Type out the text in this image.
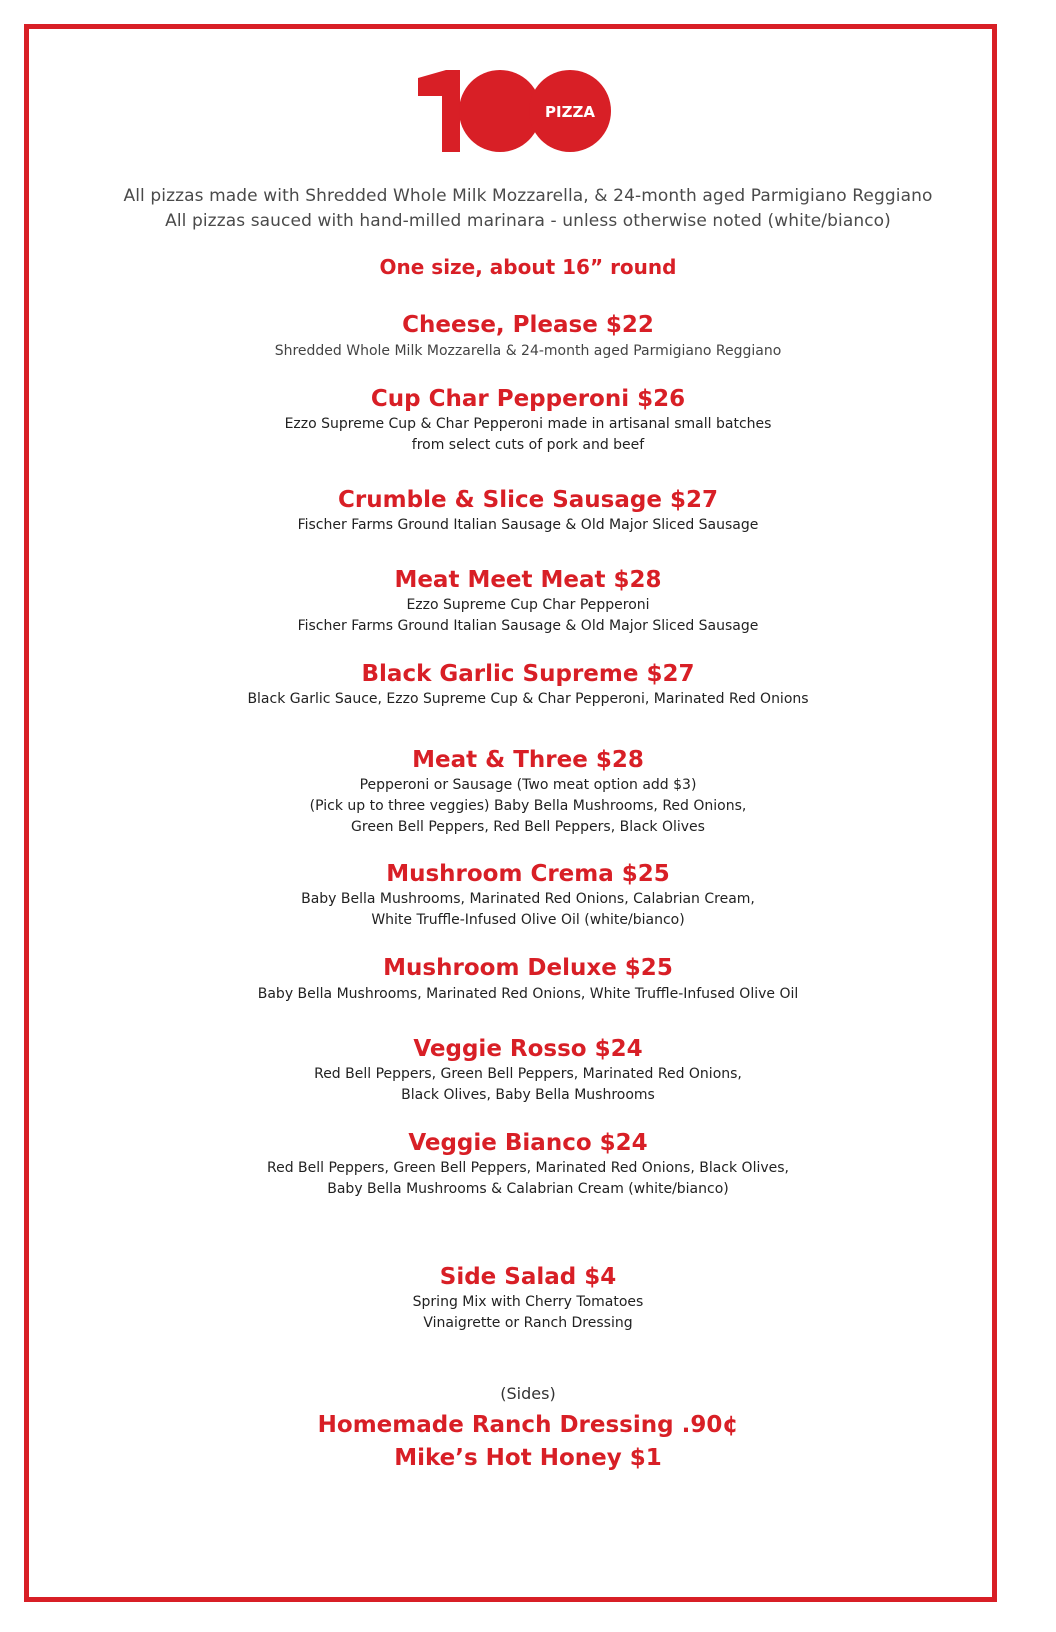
PIZZA
All pizzas made with Shredded Whole Milk Mozzarella, & 24-month aged Parmigiano Reggiano
All pizzas sauced with hand-milled marinara - unless otherwise noted (white/bianco)
One size, about 16” round
Cheese, Please $22
Shredded Whole Milk Mozzarella & 24-month aged Parmigiano Reggiano
Cup Char Pepperoni $26
Ezzo Supreme Cup & Char Pepperoni made in artisanal small batches
from select cuts of pork and beef
Crumble & Slice Sausage $27
Fischer Farms Ground Italian Sausage & Old Major Sliced Sausage
Meat Meet Meat $28
Ezzo Supreme Cup Char Pepperoni
Fischer Farms Ground Italian Sausage & Old Major Sliced Sausage
Black Garlic Supreme $27
Black Garlic Sauce, Ezzo Supreme Cup & Char Pepperoni, Marinated Red Onions
Meat & Three $28
Pepperoni or Sausage (Two meat option add $3)
(Pick up to three veggies) Baby Bella Mushrooms, Red Onions,
Green Bell Peppers, Red Bell Peppers, Black Olives
Mushroom Crema $25
Baby Bella Mushrooms, Marinated Red Onions, Calabrian Cream,
White Truffle-Infused Olive Oil (white/bianco)
Mushroom Deluxe $25
Baby Bella Mushrooms, Marinated Red Onions, White Truffle-Infused Olive Oil
Veggie Rosso $24
Red Bell Peppers, Green Bell Peppers, Marinated Red Onions,
Black Olives, Baby Bella Mushrooms
Veggie Bianco $24
Red Bell Peppers, Green Bell Peppers, Marinated Red Onions, Black Olives,
Baby Bella Mushrooms & Calabrian Cream (white/bianco)
Side Salad $4
Spring Mix with Cherry Tomatoes
Vinaigrette or Ranch Dressing
(Sides)
Homemade Ranch Dressing .90¢
Mike’s Hot Honey $1
